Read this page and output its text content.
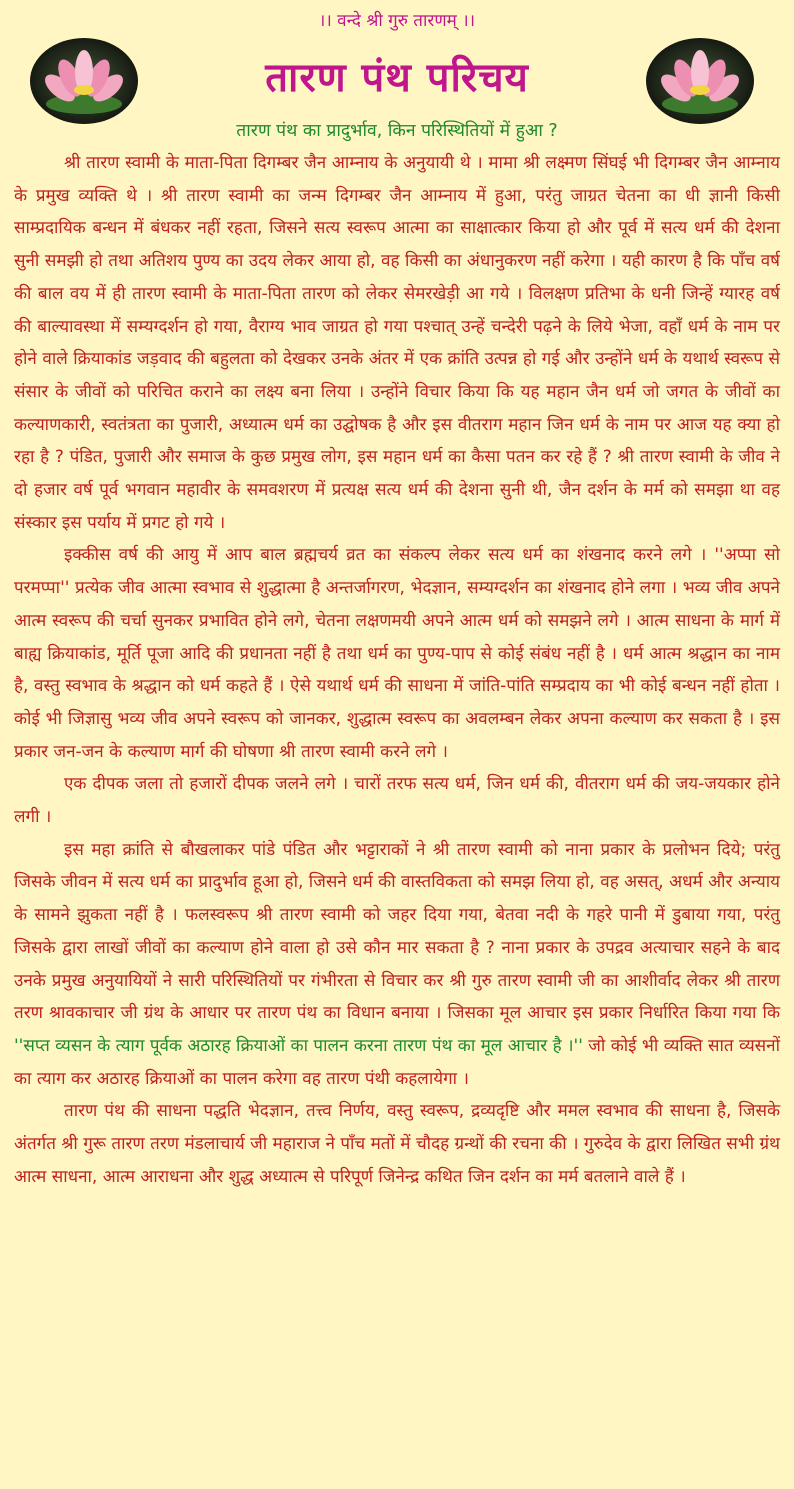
।। वन्दे श्री गुरु तारणम् ।।
तारण पंथ परिचय
तारण पंथ का प्रादुर्भाव, किन परिस्थितियों में हुआ ?

श्री तारण स्वामी के माता-पिता दिगम्बर जैन आम्नाय के अनुयायी थे । मामा श्री लक्ष्मण सिंघई भी दिगम्बर जैन आम्नाय के प्रमुख व्यक्ति थे । श्री तारण स्वामी का जन्म दिगम्बर जैन आम्नाय में हुआ, परंतु जाग्रत चेतना का धी ज्ञानी किसी साम्प्रदायिक बन्धन में बंधकर नहीं रहता, जिसने सत्य स्वरूप आत्मा का साक्षात्कार किया हो और पूर्व में सत्य धर्म की देशना सुनी समझी हो तथा अतिशय पुण्य का उदय लेकर आया हो, वह किसी का अंधानुकरण नहीं करेगा । यही कारण है कि पाँच वर्ष की बाल वय में ही तारण स्वामी के माता-पिता तारण को लेकर सेमरखेड़ी आ गये । विलक्षण प्रतिभा के धनी जिन्हें ग्यारह वर्ष की बाल्यावस्था में सम्यग्दर्शन हो गया, वैराग्य भाव जाग्रत हो गया पश्चात् उन्हें चन्देरी पढ़ने के लिये भेजा, वहाँ धर्म के नाम पर होने वाले क्रियाकांड जड़वाद की बहुलता को देखकर उनके अंतर में एक क्रांति उत्पन्न हो गई और उन्होंने धर्म के यथार्थ स्वरूप से संसार के जीवों को परिचित कराने का लक्ष्य बना लिया । उन्होंने विचार किया कि यह महान जैन धर्म जो जगत के जीवों का कल्याणकारी, स्वतंत्रता का पुजारी, अध्यात्म धर्म का उद्घोषक है और इस वीतराग महान जिन धर्म के नाम पर आज यह क्या हो रहा है ? पंडित, पुजारी और समाज के कुछ प्रमुख लोग, इस महान धर्म का कैसा पतन कर रहे हैं ? श्री तारण स्वामी के जीव ने दो हजार वर्ष पूर्व भगवान महावीर के समवशरण में प्रत्यक्ष सत्य धर्म की देशना सुनी थी, जैन दर्शन के मर्म को समझा था वह संस्कार इस पर्याय में प्रगट हो गये ।

इक्कीस वर्ष की आयु में आप बाल ब्रह्मचर्य व्रत का संकल्प लेकर सत्य धर्म का शंखनाद करने लगे । ''अप्पा सो परमप्पा'' प्रत्येक जीव आत्मा स्वभाव से शुद्धात्मा है अन्तर्जागरण, भेदज्ञान, सम्यग्दर्शन का शंखनाद होने लगा । भव्य जीव अपने आत्म स्वरूप की चर्चा सुनकर प्रभावित होने लगे, चेतना लक्षणमयी अपने आत्म धर्म को समझने लगे । आत्म साधना के मार्ग में बाह्य क्रियाकांड, मूर्ति पूजा आदि की प्रधानता नहीं है तथा धर्म का पुण्य-पाप से कोई संबंध नहीं है । धर्म आत्म श्रद्धान का नाम है, वस्तु स्वभाव के श्रद्धान को धर्म कहते हैं । ऐसे यथार्थ धर्म की साधना में जांति-पांति सम्प्रदाय का भी कोई बन्धन नहीं होता । कोई भी जिज्ञासु भव्य जीव अपने स्वरूप को जानकर, शुद्धात्म स्वरूप का अवलम्बन लेकर अपना कल्याण कर सकता है । इस प्रकार जन-जन के कल्याण मार्ग की घोषणा श्री तारण स्वामी करने लगे ।

एक दीपक जला तो हजारों दीपक जलने लगे । चारों तरफ सत्य धर्म, जिन धर्म की, वीतराग धर्म की जय-जयकार होने लगी ।

इस महा क्रांति से बौखलाकर पांडे पंडित और भट्टाराकों ने श्री तारण स्वामी को नाना प्रकार के प्रलोभन दिये; परंतु जिसके जीवन में सत्य धर्म का प्रादुर्भाव हूआ हो, जिसने धर्म की वास्तविकता को समझ लिया हो, वह असत्, अधर्म और अन्याय के सामने झुकता नहीं है । फलस्वरूप श्री तारण स्वामी को जहर दिया गया, बेतवा नदी के गहरे पानी में डुबाया गया, परंतु जिसके द्वारा लाखों जीवों का कल्याण होने वाला हो उसे कौन मार सकता है ? नाना प्रकार के उपद्रव अत्याचार सहने के बाद उनके प्रमुख अनुयायियों ने सारी परिस्थितियों पर गंभीरता से विचार कर श्री गुरु तारण स्वामी जी का आशीर्वाद लेकर श्री तारण तरण श्रावकाचार जी ग्रंथ के आधार पर तारण पंथ का विधान बनाया । जिसका मूल आचार इस प्रकार निर्धारित किया गया कि ''सप्त व्यसन के त्याग पूर्वक अठारह क्रियाओं का पालन करना तारण पंथ का मूल आचार है ।'' जो कोई भी व्यक्ति सात व्यसनों का त्याग कर अठारह क्रियाओं का पालन करेगा वह तारण पंथी कहलायेगा ।

तारण पंथ की साधना पद्धति भेदज्ञान, तत्त्व निर्णय, वस्तु स्वरूप, द्रव्यदृष्टि और ममल स्वभाव की साधना है, जिसके अंतर्गत श्री गुरू तारण तरण मंडलाचार्य जी महाराज ने पाँच मतों में चौदह ग्रन्थों की रचना की । गुरुदेव के द्वारा लिखित सभी ग्रंथ आत्म साधना, आत्म आराधना और शुद्ध अध्यात्म से परिपूर्ण जिनेन्द्र कथित जिन दर्शन का मर्म बतलाने वाले हैं ।
